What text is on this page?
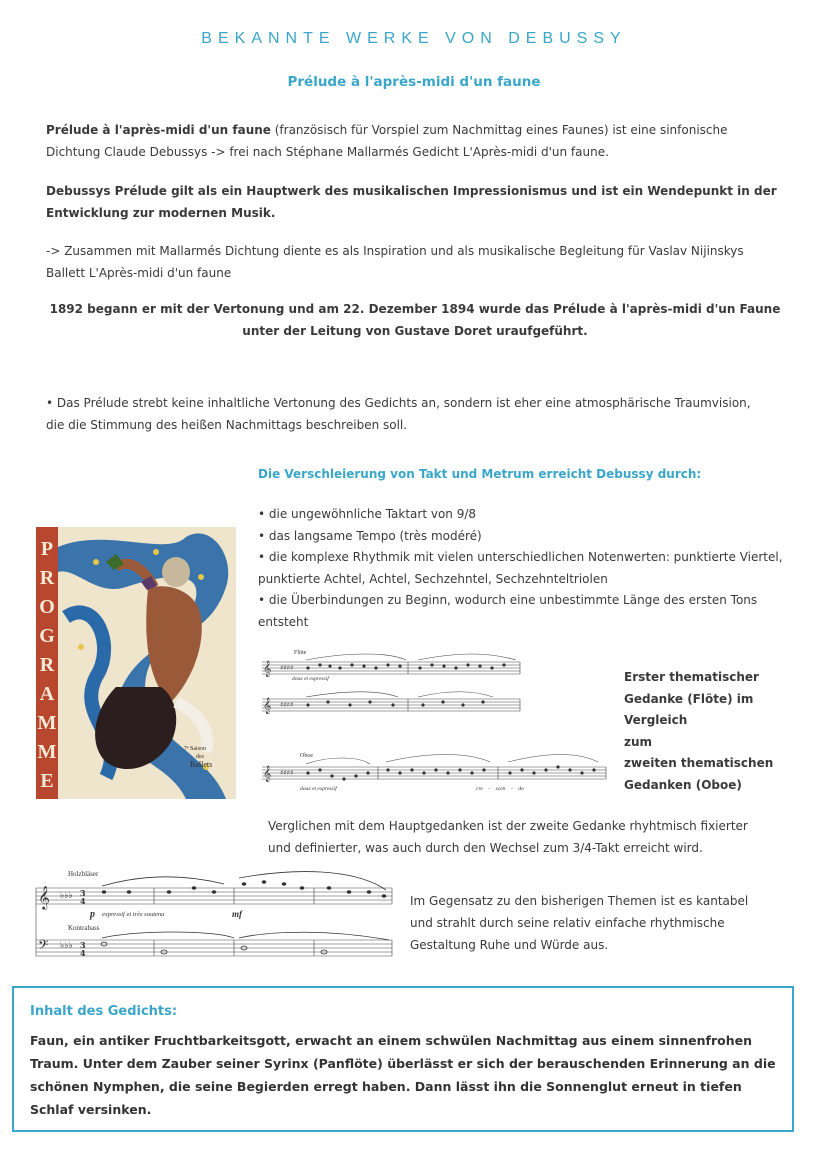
BEKANNTE WERKE VON DEBUSSY
Prélude à l'après-midi d'un faune
Prélude à l'après-midi d'un faune (französisch für Vorspiel zum Nachmittag eines Faunes) ist eine sinfonische
Dichtung Claude Debussys -> frei nach Stéphane Mallarmés Gedicht L'Après-midi d'un faune.
Debussys Prélude gilt als ein Hauptwerk des musikalischen Impressionismus und ist ein Wendepunkt in der
Entwicklung zur modernen Musik.
-> Zusammen mit Mallarmés Dichtung diente es als Inspiration und als musikalische Begleitung für Vaslav Nijinskys
Ballett L'Après-midi d'un faune
1892 begann er mit der Vertonung und am 22. Dezember 1894 wurde das Prélude à l'après-midi d'un Faune
unter der Leitung von Gustave Doret uraufgeführt.
• Das Prélude strebt keine inhaltliche Vertonung des Gedichts an, sondern ist eher eine atmosphärische Traumvision,
die die Stimmung des heißen Nachmittags beschreiben soll.
Die Verschleierung von Takt und Metrum erreicht Debussy durch:
• die ungewöhnliche Taktart von 9/8
• das langsame Tempo (très modéré)
• die komplexe Rhythmik mit vielen unterschiedlichen Notenwerten: punktierte Viertel,
punktierte Achtel, Achtel, Sechzehntel, Sechzehnteltriolen
• die Überbindungen zu Beginn, wodurch eine unbestimmte Länge des ersten Tons
entsteht
P
R
O
G
R
A
M
M
E
7ᵉ Saison
des
Ballets
𝄞
𝄞
𝄞
♯♯♯♯
♯♯♯♯
♯♯♯♯
Flöte
doux et expressif
Oboe
doux et expressif	cre    -    scen    -    do
Erster thematischer
Gedanke (Flöte) im Vergleich
zum
zweiten thematischen
Gedanken (Oboe)
Verglichen mit dem Hauptgedanken ist der zweite Gedanke rhyhtmisch fixierter
und definierter, was auch durch den Wechsel zum 3/4-Takt erreicht wird.
𝄞
𝄢
♭♭♭
♭♭♭
3
4
3
4
Holzbläser
p expressif et très soutenu	mf
Kontrabass
Im Gegensatz zu den bisherigen Themen ist es kantabel
und strahlt durch seine relativ einfache rhythmische
Gestaltung Ruhe und Würde aus.
Inhalt des Gedichts:
Faun, ein antiker Fruchtbarkeitsgott, erwacht an einem schwülen Nachmittag aus einem sinnenfrohen
Traum. Unter dem Zauber seiner Syrinx (Panflöte) überlässt er sich der berauschenden Erinnerung an die
schönen Nymphen, die seine Begierden erregt haben. Dann lässt ihn die Sonnenglut erneut in tiefen
Schlaf versinken.
